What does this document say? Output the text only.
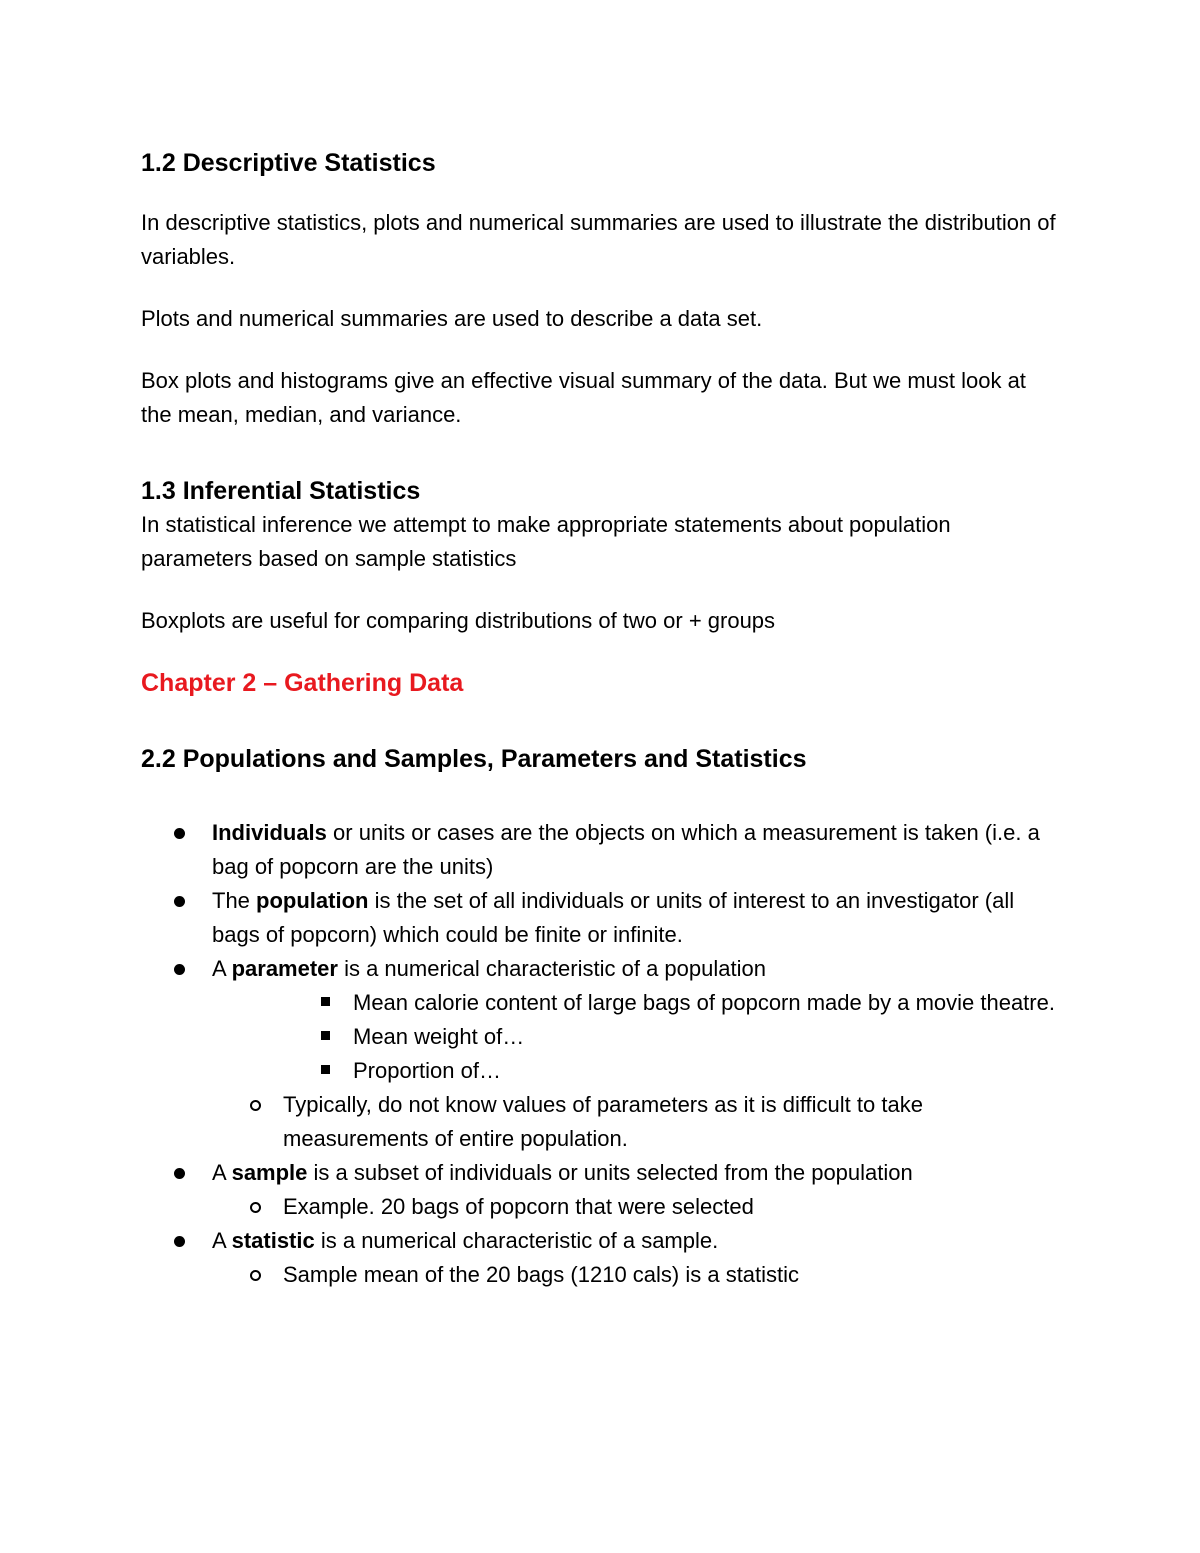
1.2 Descriptive Statistics

In descriptive statistics, plots and numerical summaries are used to illustrate the distribution of variables.

Plots and numerical summaries are used to describe a data set.

Box plots and histograms give an effective visual summary of the data. But we must look at the mean, median, and variance.

1.3 Inferential Statistics

In statistical inference we attempt to make appropriate statements about population parameters based on sample statistics

Boxplots are useful for comparing distributions of two or + groups

Chapter 2 – Gathering Data
2.2 Populations and Samples, Parameters and Statistics
Individuals or units or cases are the objects on which a measurement is taken (i.e. a bag of popcorn are the units)
The population is the set of all individuals or units of interest to an investigator (all bags of popcorn) which could be finite or infinite.
A parameter is a numerical characteristic of a population
Mean calorie content of large bags of popcorn made by a movie theatre.
Mean weight of…
Proportion of…
Typically, do not know values of parameters as it is difficult to take measurements of entire population.
A sample is a subset of individuals or units selected from the population
Example. 20 bags of popcorn that were selected
A statistic is a numerical characteristic of a sample.
Sample mean of the 20 bags (1210 cals) is a statistic
